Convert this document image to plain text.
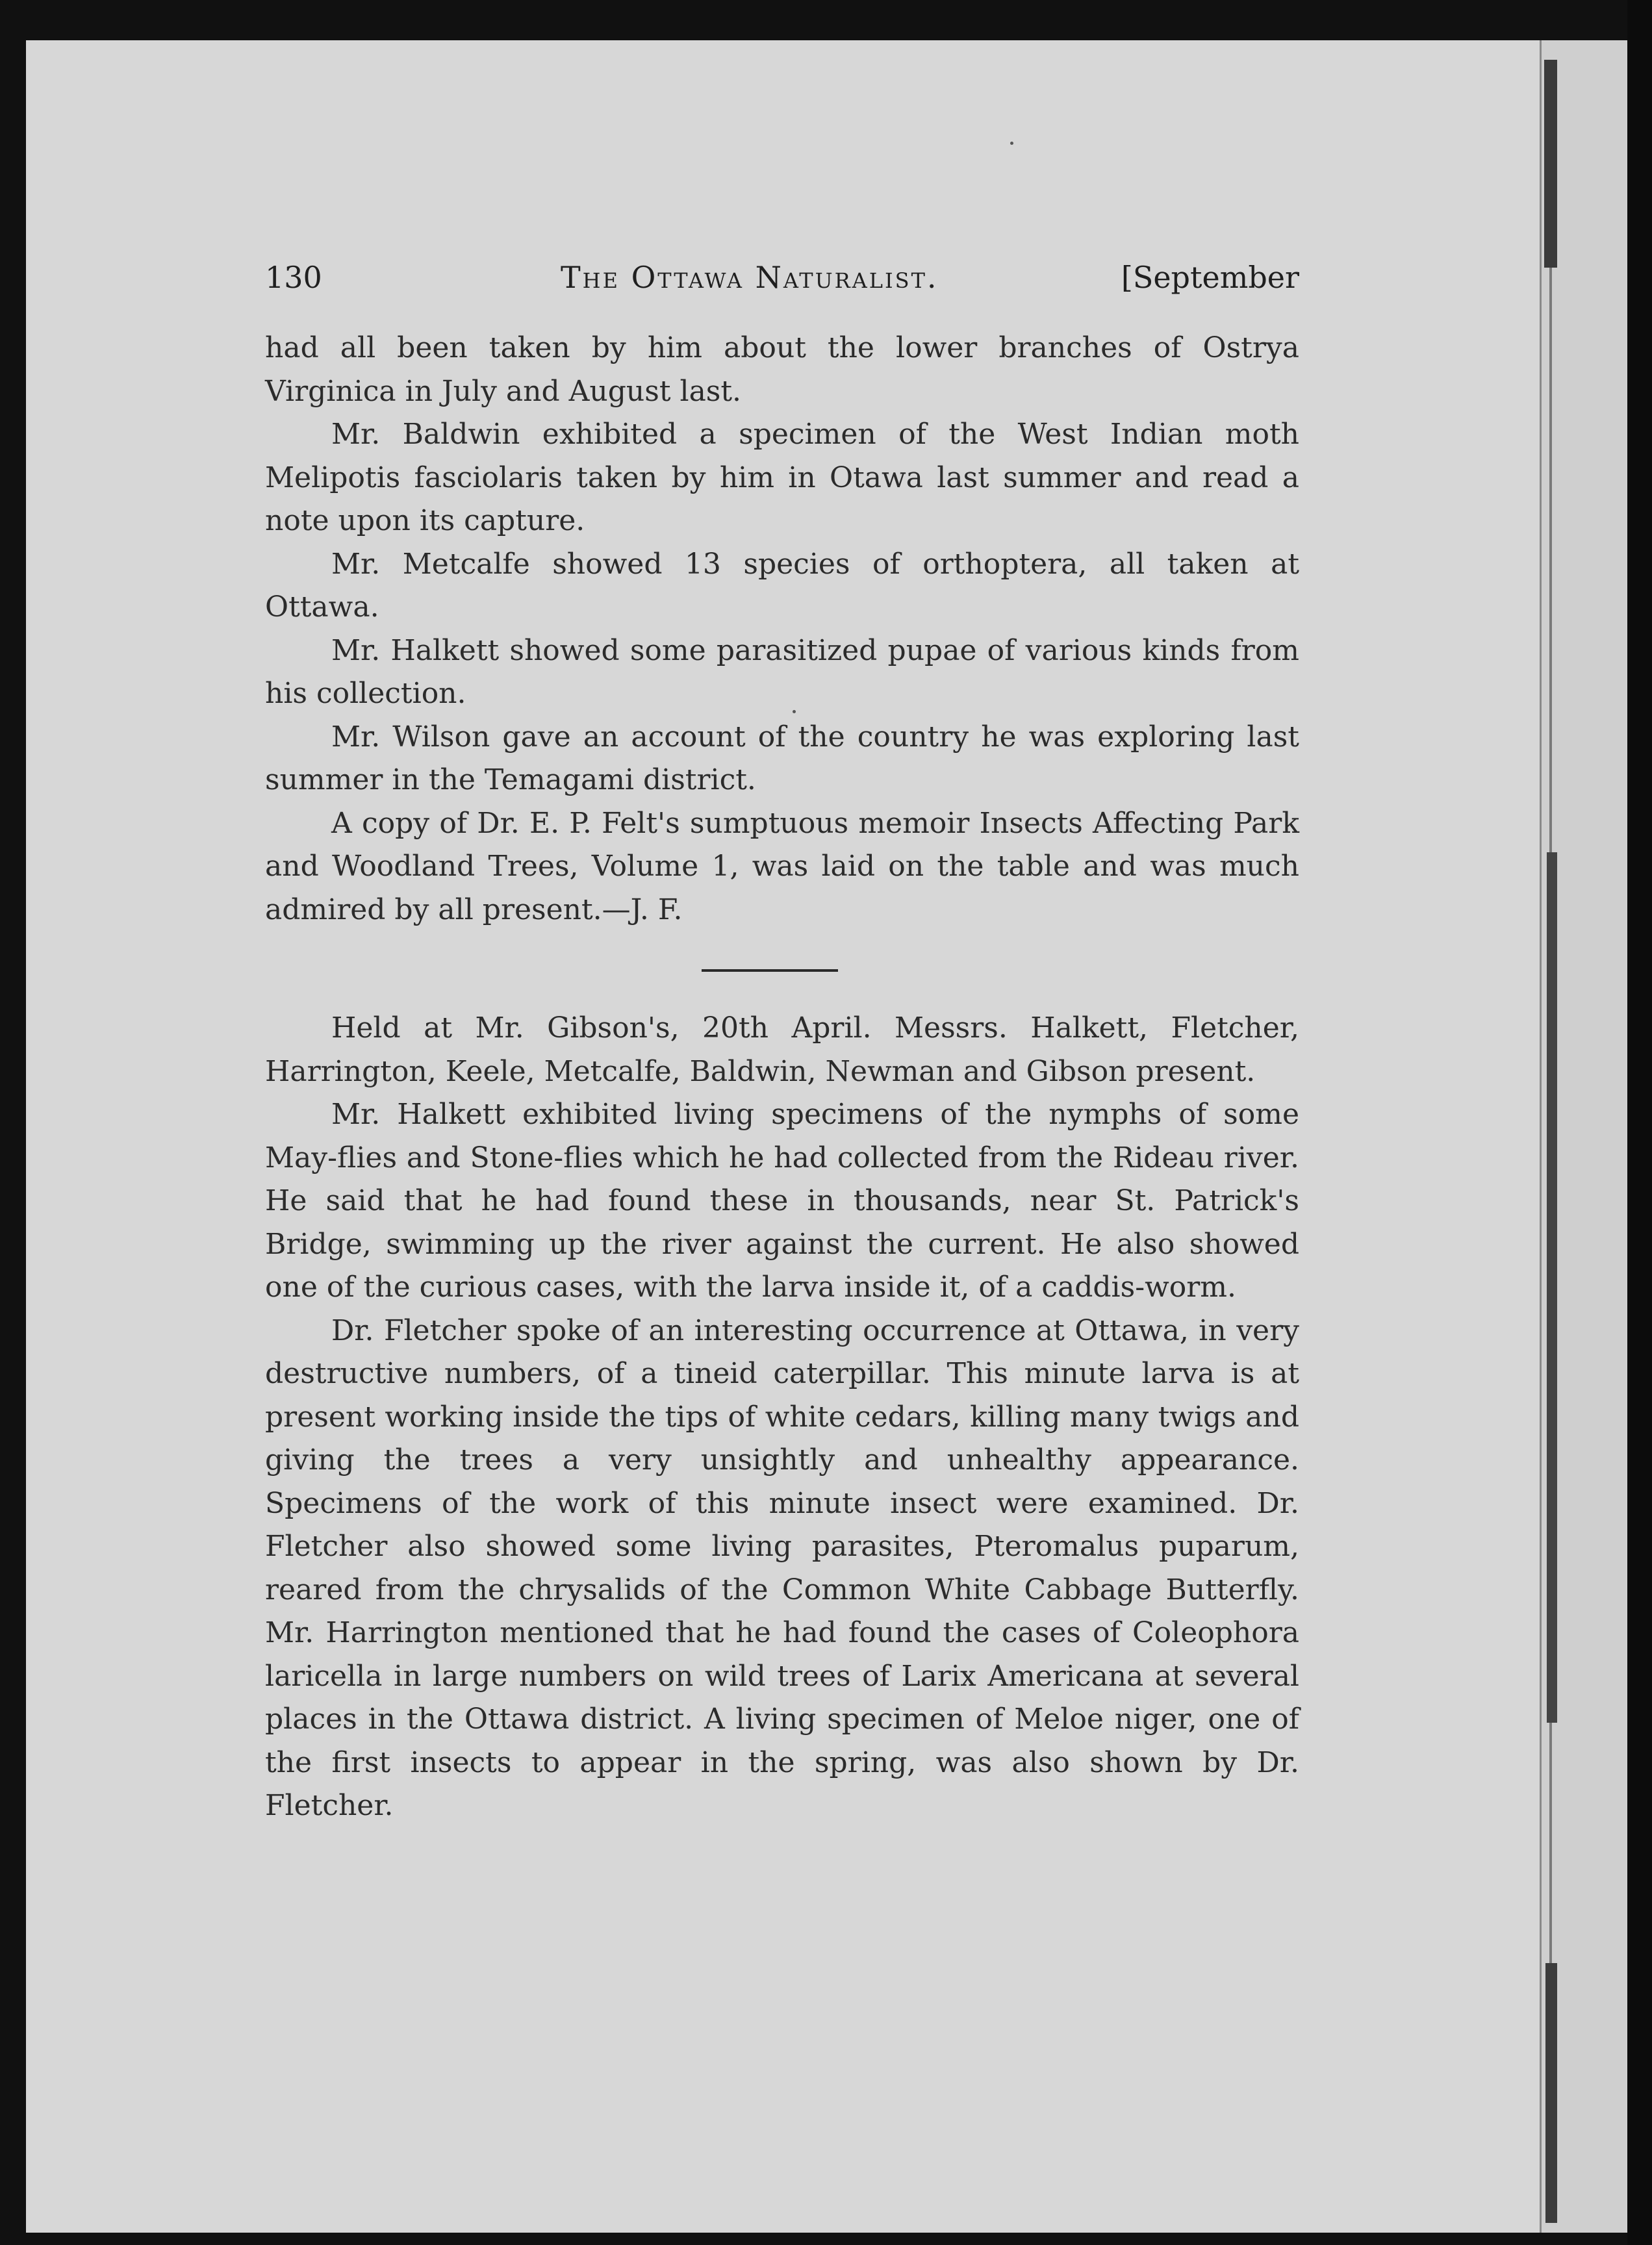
130	The Ottawa Naturalist.	[September

had all been taken by him about the lower branches of Ostrya Virginica in July and August last.

Mr. Baldwin exhibited a specimen of the West Indian moth Melipotis fasciolaris taken by him in Otawa last summer and read a note upon its capture.

Mr. Metcalfe showed 13 species of orthoptera, all taken at Ottawa.

Mr. Halkett showed some parasitized pupae of various kinds from his collection.

Mr. Wilson gave an account of the country he was exploring last summer in the Temagami district.

A copy of Dr. E. P. Felt's sumptuous memoir Insects Affecting Park and Woodland Trees, Volume 1, was laid on the table and was much admired by all present.—J. F.

Held at Mr. Gibson's, 20th April. Messrs. Halkett, Fletcher, Harrington, Keele, Metcalfe, Baldwin, Newman and Gibson present.

Mr. Halkett exhibited living specimens of the nymphs of some May-flies and Stone-flies which he had collected from the Rideau river. He said that he had found these in thousands, near St. Patrick's Bridge, swimming up the river against the current. He also showed one of the curious cases, with the larva inside it, of a caddis-worm.

Dr. Fletcher spoke of an interesting occurrence at Ottawa, in very destructive numbers, of a tineid caterpillar. This minute larva is at present working inside the tips of white cedars, killing many twigs and giving the trees a very unsightly and unhealthy appearance. Specimens of the work of this minute insect were examined. Dr. Fletcher also showed some living parasites, Pteromalus puparum, reared from the chrysalids of the Common White Cabbage Butterfly. Mr. Harrington mentioned that he had found the cases of Coleophora laricella in large numbers on wild trees of Larix Americana at several places in the Ottawa district. A living specimen of Meloe niger, one of the first insects to appear in the spring, was also shown by Dr. Fletcher.
